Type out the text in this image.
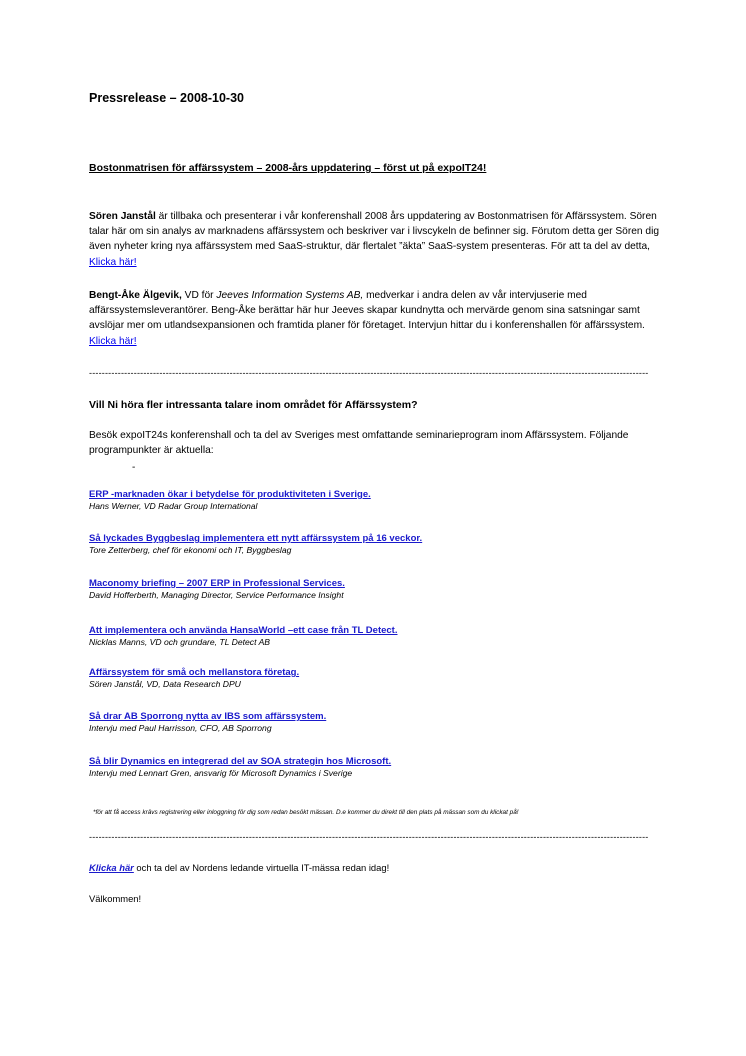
Pressrelease – 2008-10-30
Bostonmatrisen för affärssystem – 2008-års uppdatering – först ut på expoIT24!
Sören Janstål är tillbaka och presenterar i vår konferenshall 2008 års uppdatering av Bostonmatrisen för Affärssystem. Sören talar här om sin analys av marknadens affärssystem och beskriver var i livscykeln de befinner sig. Förutom detta ger Sören dig även nyheter kring nya affärssystem med SaaS-struktur, där flertalet ”äkta” SaaS-system presenteras. För att ta del av detta, Klicka här!
Bengt-Åke Älgevik, VD för Jeeves Information Systems AB, medverkar i andra delen av vår intervjuserie med affärssystemsleverantörer. Beng-Åke berättar här hur Jeeves skapar kundnytta och mervärde genom sina satsningar samt avslöjar mer om utlandsexpansionen och framtida planer för företaget. Intervjun hittar du i konferenshallen för affärssystem. Klicka här!
-------------------------------------------------------------------------------------------------------------------------------------------------------------------------------
Vill Ni höra fler intressanta talare inom området för Affärssystem?
Besök expoIT24s konferenshall och ta del av Sveriges mest omfattande seminarieprogram inom Affärssystem. Följande programpunkter är aktuella:
-
ERP -marknaden ökar i betydelse för produktiviteten i Sverige.
Hans Werner, VD Radar Group International
Så lyckades Byggbeslag implementera ett nytt affärssystem på 16 veckor.
Tore Zetterberg, chef för ekonomi och IT, Byggbeslag
Maconomy briefing – 2007 ERP in Professional Services.
David Hofferberth, Managing Director, Service Performance Insight
Att implementera och använda HansaWorld –ett case från TL Detect.
Nicklas Manns, VD och grundare, TL Detect AB
Affärssystem för små och mellanstora företag.
Sören Janstål, VD, Data Research DPU
Så drar AB Sporrong nytta av IBS som affärssystem.
Intervju med Paul Harrisson, CFO, AB Sporrong
Så blir Dynamics en integrerad del av SOA strategin hos Microsoft.
Intervju med Lennart Gren, ansvarig för Microsoft Dynamics i Sverige
*för att få access krävs registrering eller inloggning för dig som redan besökt mässan. D.e kommer du direkt till den plats på mässan som du klickat på!
-------------------------------------------------------------------------------------------------------------------------------------------------------------------------------
Klicka här och ta del av Nordens ledande virtuella IT-mässa redan idag!
Välkommen!
